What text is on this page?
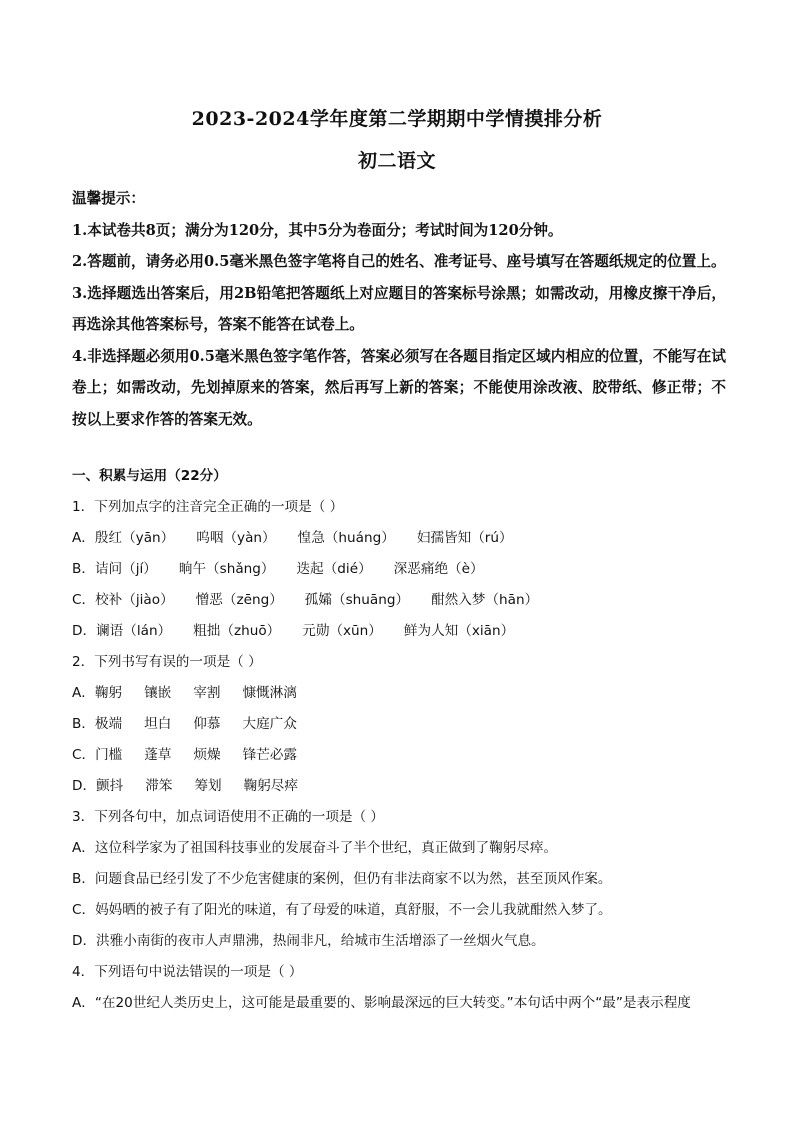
2023-2024学年度第二学期期中学情摸排分析
初二语文

温馨提示：

1.本试卷共8页；满分为120分，其中5分为卷面分；考试时间为120分钟。

2.答题前，请务必用0.5毫米黑色签字笔将自己的姓名、准考证号、座号填写在答题纸规定的位置上。

3.选择题选出答案后，用2B铅笔把答题纸上对应题目的答案标号涂黑；如需改动，用橡皮擦干净后，再选涂其他答案标号，答案不能答在试卷上。

4.非选择题必须用0.5毫米黑色签字笔作答，答案必须写在各题目指定区域内相应的位置，不能写在试卷上；如需改动，先划掉原来的答案，然后再写上新的答案；不能使用涂改液、胶带纸、修正带；不按以上要求作答的答案无效。

一、积累与运用（22分）

1．下列加点字的注音完全正确的一项是（ ）

A．殷红（yān） 呜咽（yàn） 惶急（huáng） 妇孺皆知（rú）

B．诘问（jí） 晌午（shǎng） 迭起（dié） 深恶痛绝（è）

C．校补（jiào） 憎恶（zēng） 孤孀（shuāng） 酣然入梦（hān）

D．谰语（lán） 粗拙（zhuō） 元勋（xūn） 鲜为人知（xiān）

2．下列书写有误的一项是（ ）

A．鞠躬 镶嵌 宰割 慷慨淋漓

B．极端 坦白 仰慕 大庭广众

C．门槛 蓬草 烦燥 锋芒必露

D．颤抖 滞笨 筹划 鞠躬尽瘁

3．下列各句中，加点词语使用不正确的一项是（ ）

A．这位科学家为了祖国科技事业的发展奋斗了半个世纪，真正做到了鞠躬尽瘁。

B．问题食品已经引发了不少危害健康的案例，但仍有非法商家不以为然，甚至顶风作案。

C．妈妈晒的被子有了阳光的味道，有了母爱的味道，真舒服，不一会儿我就酣然入梦了。

D．洪雅小南街的夜市人声鼎沸，热闹非凡，给城市生活增添了一丝烟火气息。

4．下列语句中说法错误的一项是（ ）

A．“在20世纪人类历史上，这可能是最重要的、影响最深远的巨大转变。”本句话中两个“最”是表示程度
